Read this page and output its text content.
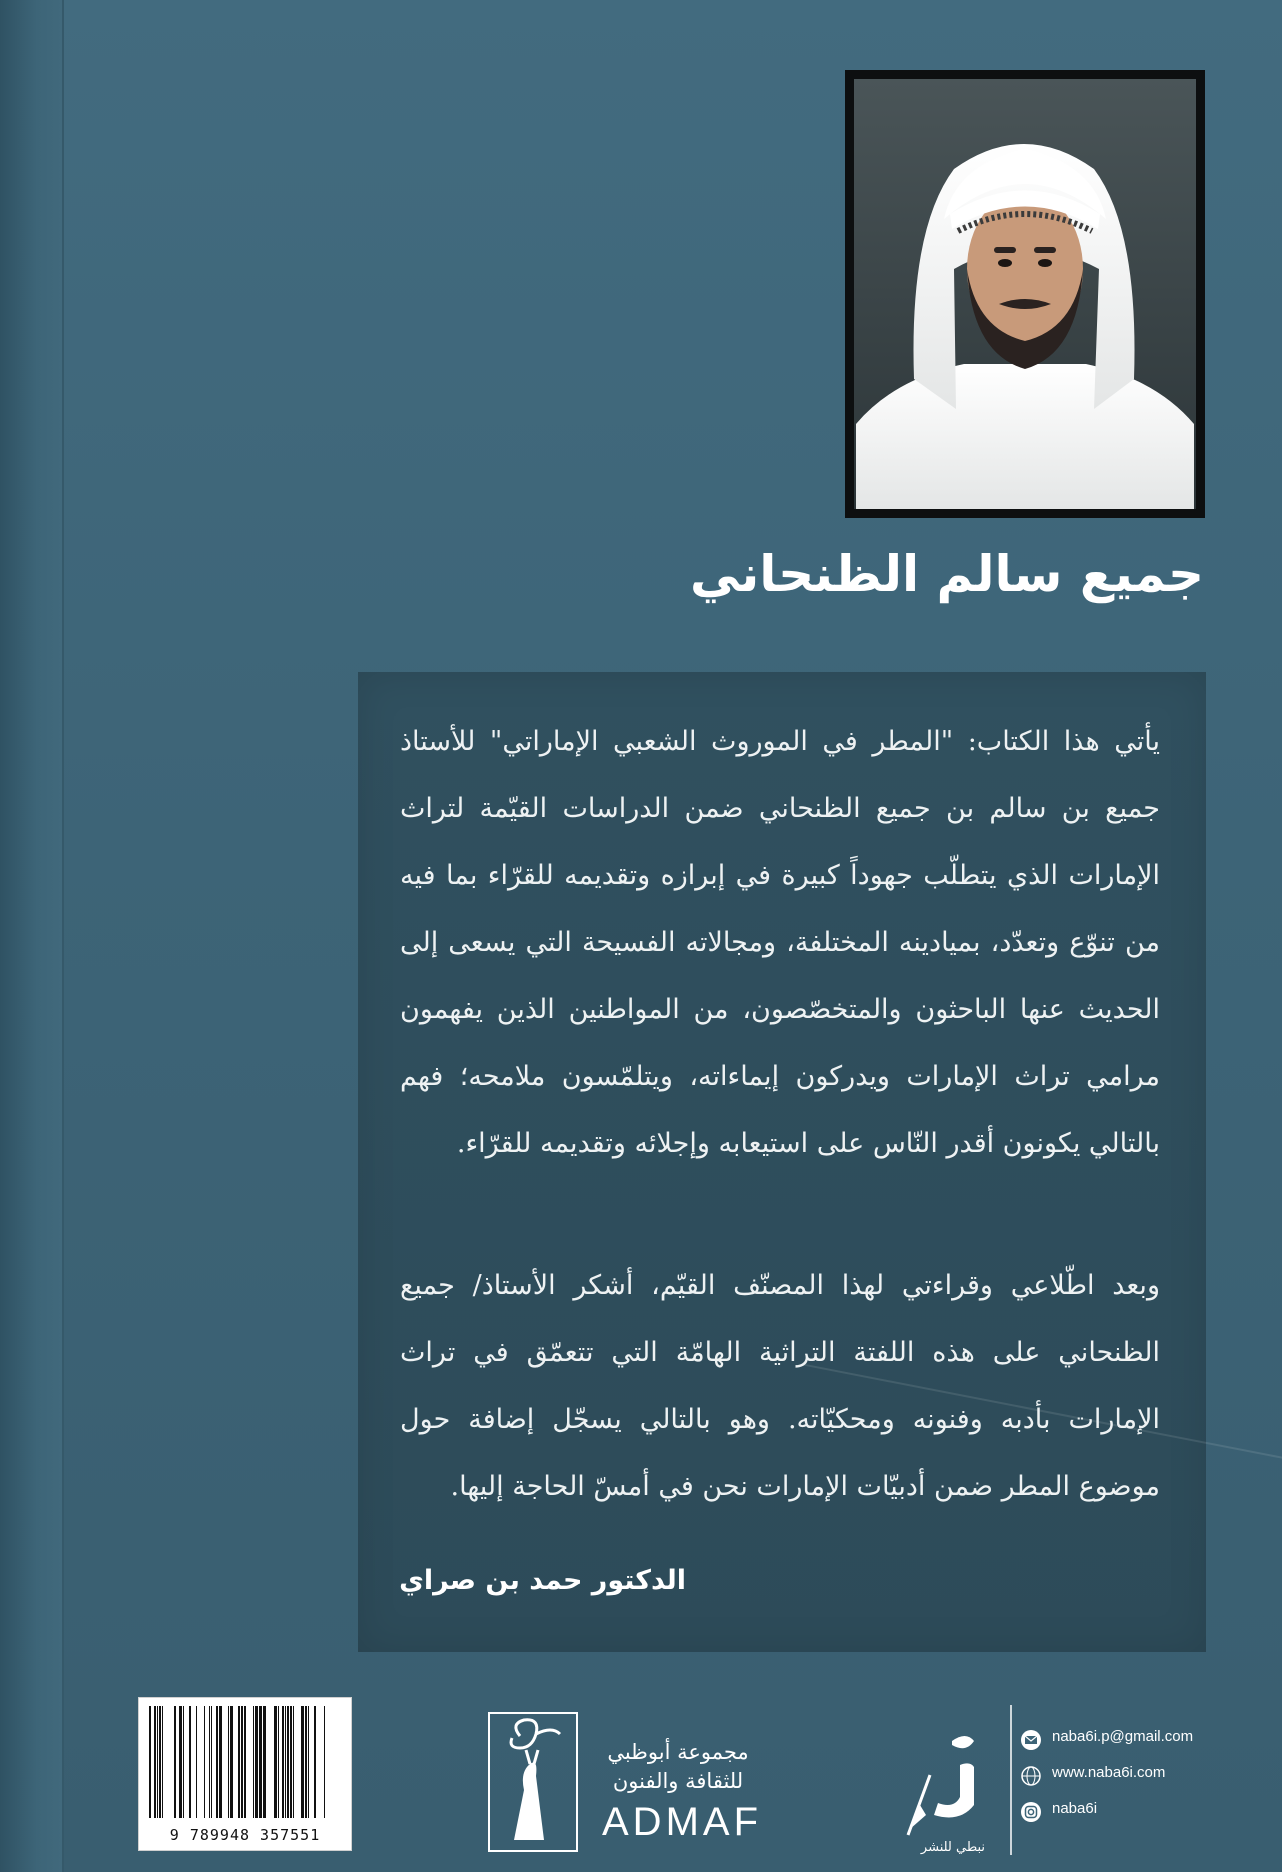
جميع سالم الظنحاني

يأتي هذا الكتاب: "المطر في الموروث الشعبي الإماراتي" للأستاذ جميع بن سالم بن جميع الظنحاني ضمن الدراسات القيّمة لتراث الإمارات الذي يتطلّب جهوداً كبيرة في إبرازه وتقديمه للقرّاء بما فيه من تنوّع وتعدّد، بميادينه المختلفة، ومجالاته الفسيحة التي يسعى إلى الحديث عنها الباحثون والمتخصّصون، من المواطنين الذين يفهمون مرامي تراث الإمارات ويدركون إيماءاته، ويتلمّسون ملامحه؛ فهم بالتالي يكونون أقدر النّاس على استيعابه وإجلائه وتقديمه للقرّاء.

وبعد اطّلاعي وقراءتي لهذا المصنّف القيّم، أشكر الأستاذ/ جميع الظنحاني على هذه اللفتة التراثية الهامّة التي تتعمّق في تراث الإمارات بأدبه وفنونه ومحكيّاته. وهو بالتالي يسجّل إضافة حول موضوع المطر ضمن أدبيّات الإمارات نحن في أمسّ الحاجة إليها.

الدكتور حمد بن صراي
9 789948 357551
مجموعة أبوظبي
للثقافة والفنون
ADMAF
نبطي للنشر
naba6i.p@gmail.com
www.naba6i.com
naba6i
